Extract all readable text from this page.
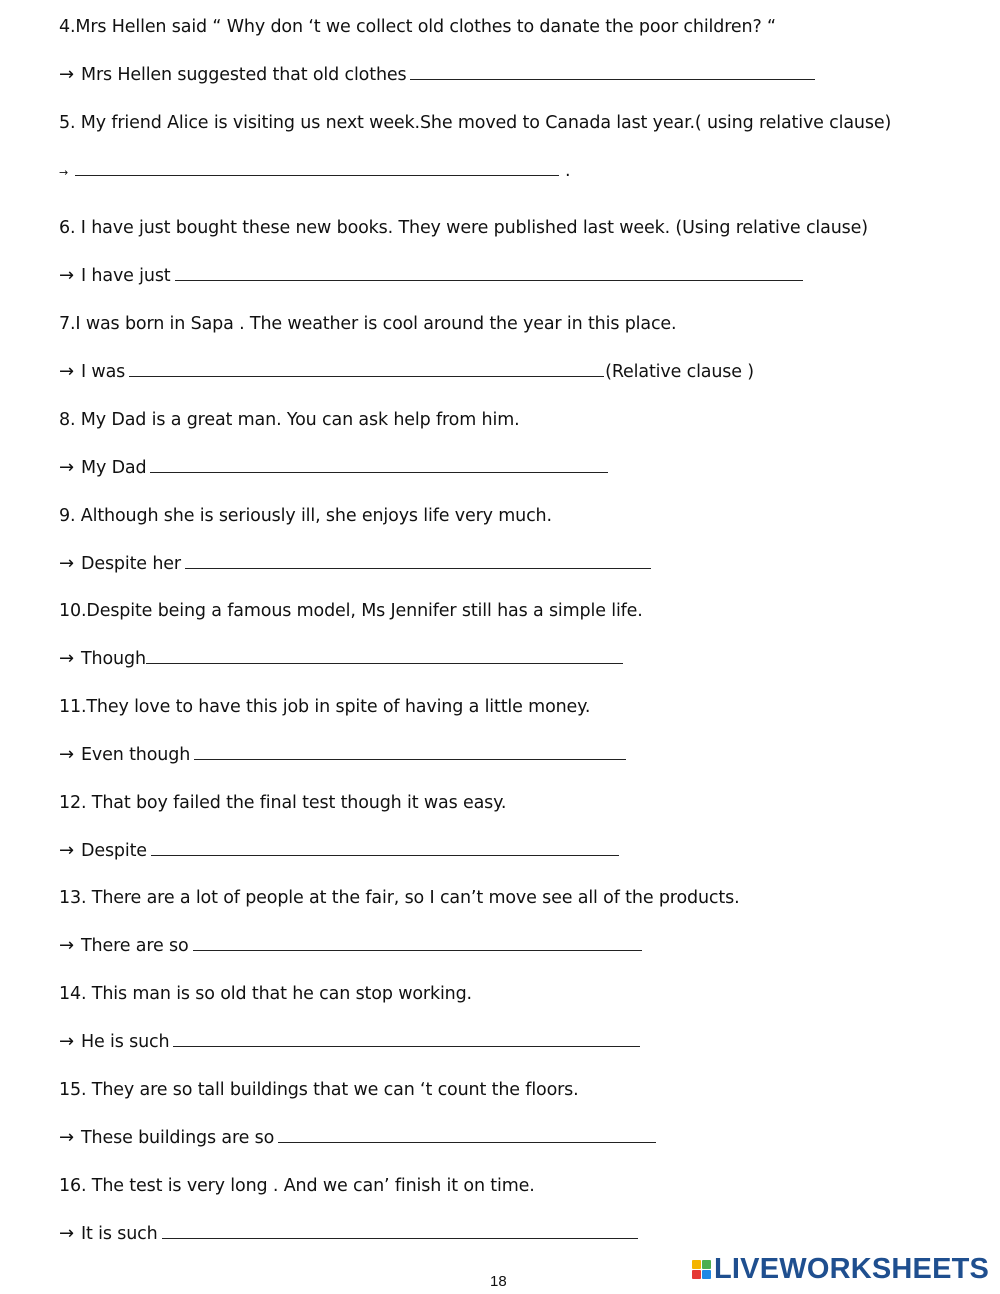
4.Mrs Hellen said “ Why don ‘t we collect old clothes to danate the poor children? “
→ Mrs Hellen suggested that old clothes
5. My friend Alice is visiting us next week.She moved to Canada last year.( using relative clause)
→	.
6. I have just bought these new books. They were published last week. (Using relative clause)
→ I have just
7.I was born in Sapa . The weather is cool around the year in this place.
→ I was	(Relative clause )
8. My Dad is a great man. You can ask help from him.
→ My Dad
9. Although she is seriously ill, she enjoys life very much.
→ Despite her
10.Despite being a famous model, Ms Jennifer still has a simple life.
→ Though
11.They love to have this job in spite of having a little money.
→ Even though
12. That boy failed the final test though it was easy.
→ Despite
13. There are a lot of people at the fair, so I can’t move see all of the products.
→ There are so
14. This man is so old that he can stop working.
→ He is such
15. They are so tall buildings that we can ‘t count the floors.
→ These buildings are so
16. The test is very long . And we can’ finish it on time.
→ It is such
18	LIVEWORKSHEETS
